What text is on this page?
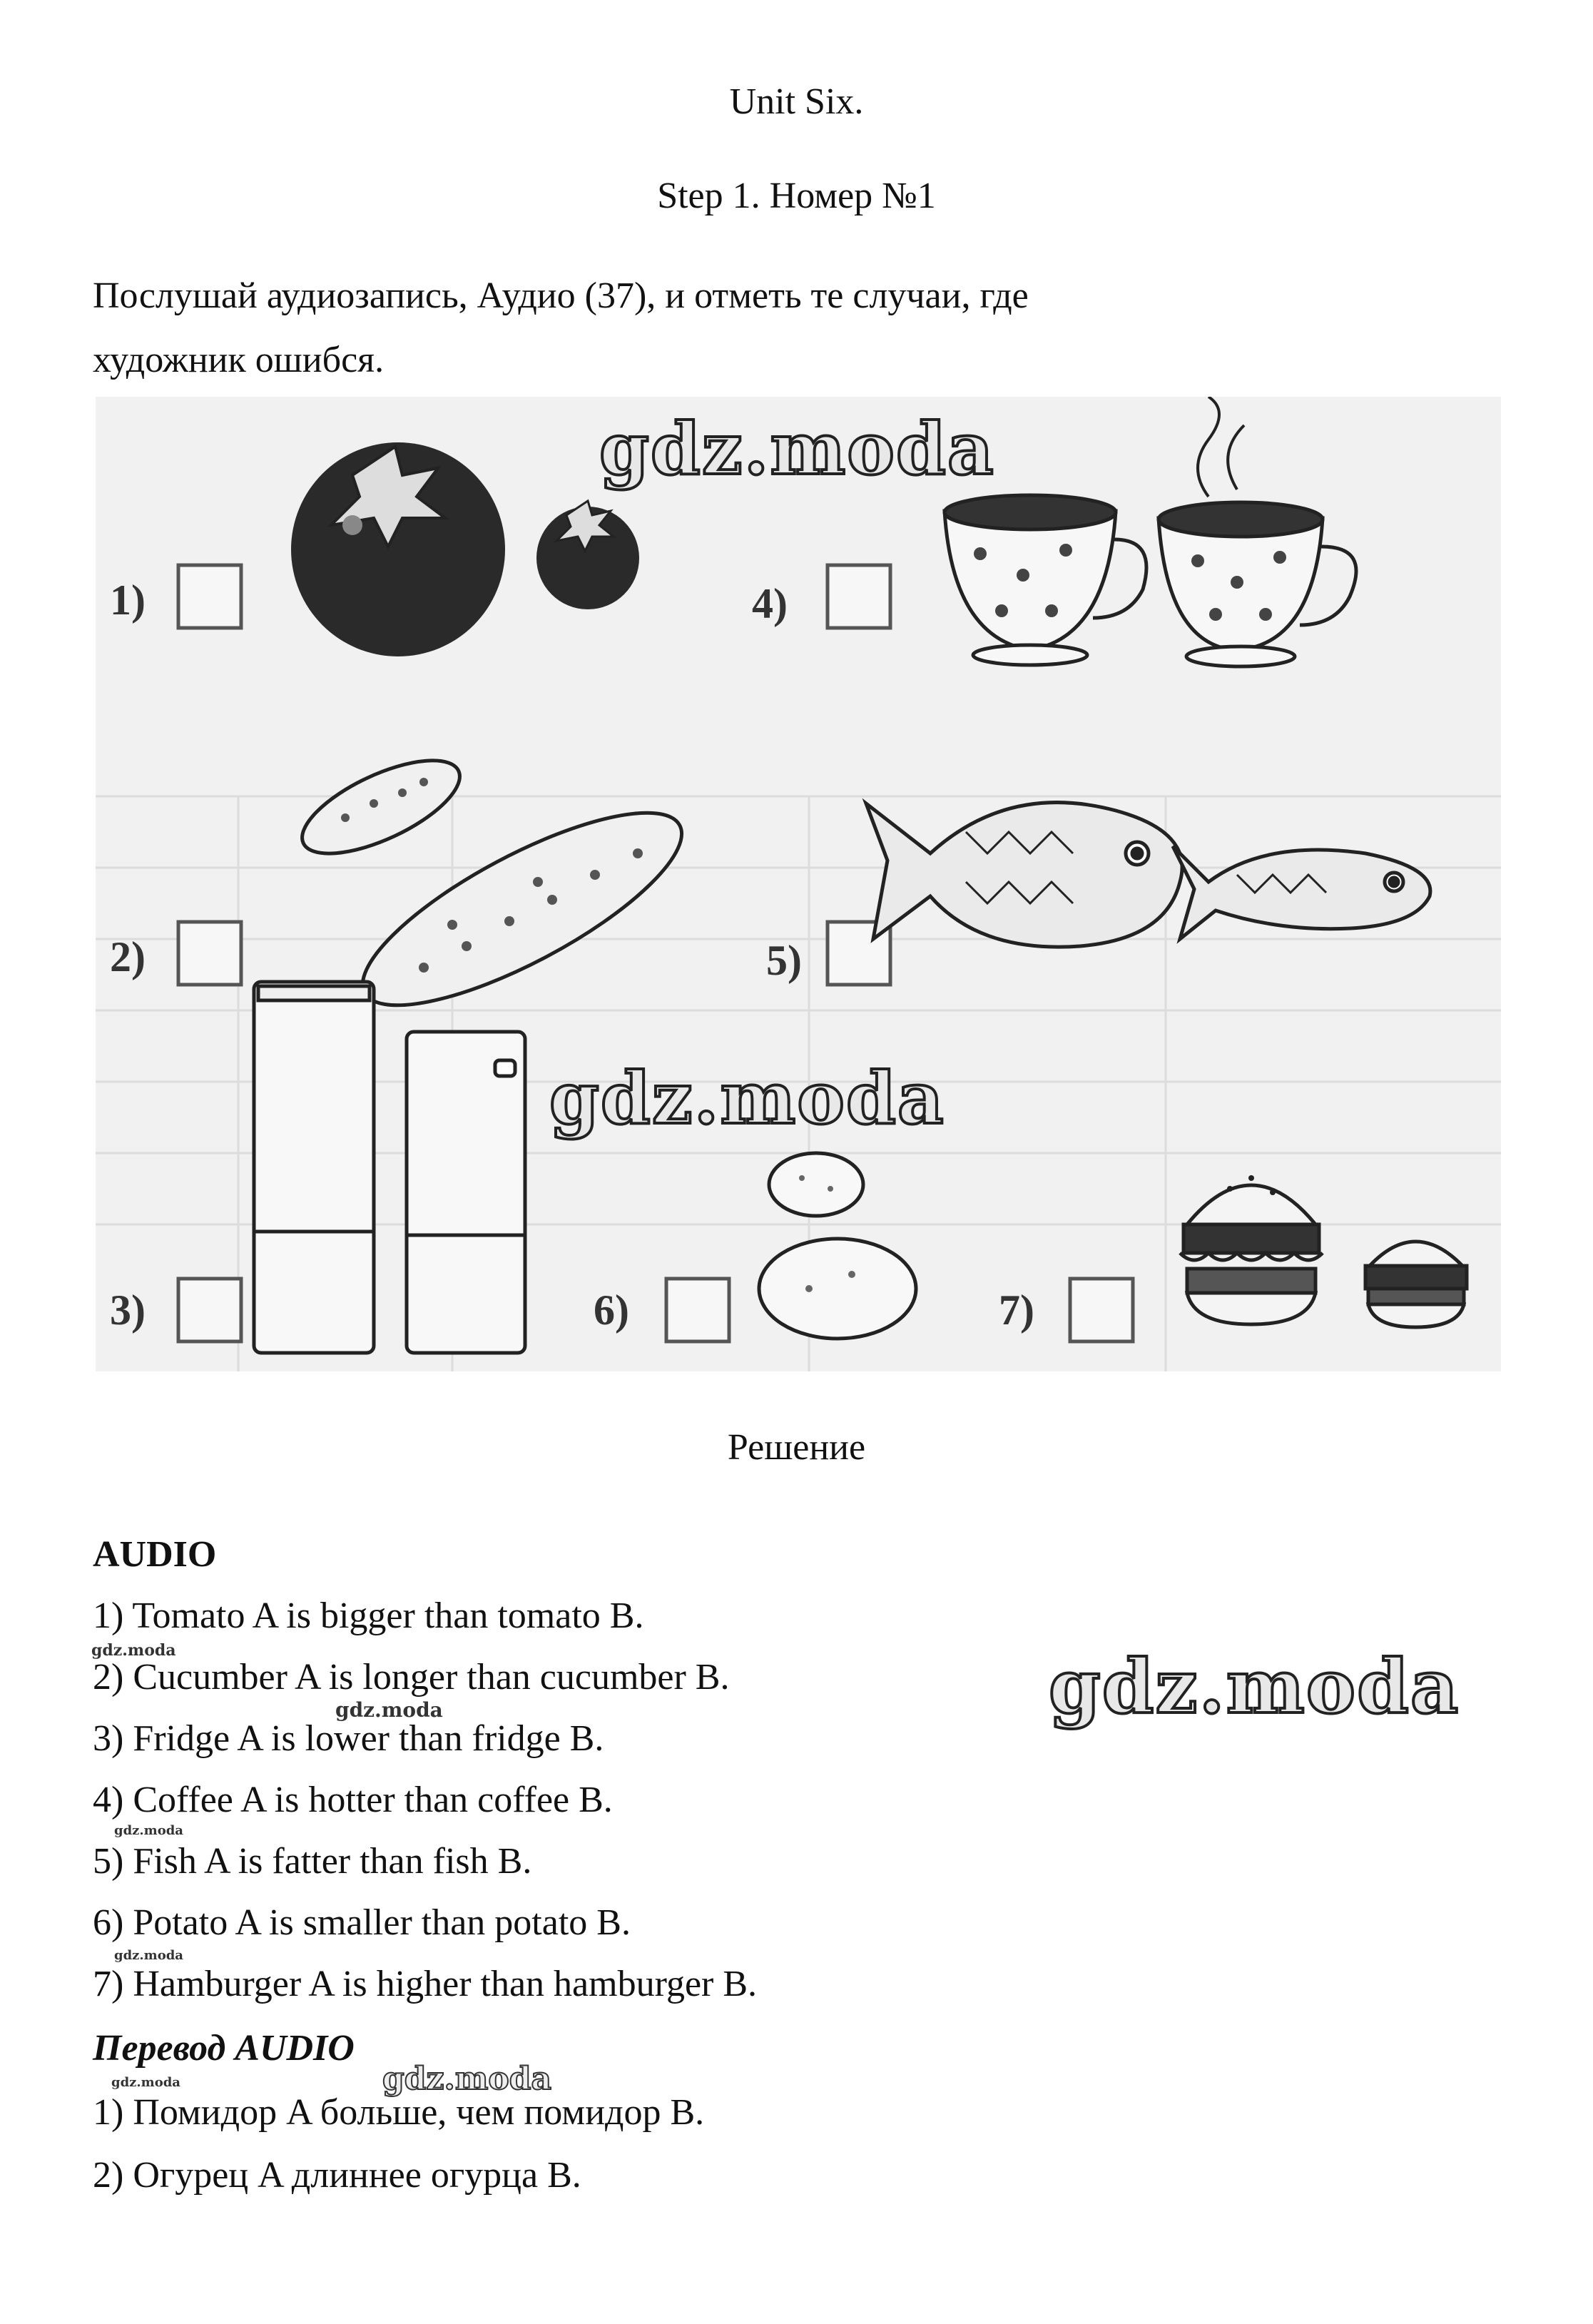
Unit Six.
Step 1. Номер №1
Послушай аудиозапись, Аудио (37), и отметь те случаи, где
художник ошибся.
1)
2)
3)
4)
5)
6)	7)
gdz.moda
gdz.moda
Решение
AUDIO
1) Tomato A is bigger than tomato B.
2) Cucumber A is longer than cucumber B.
3) Fridge A is lower than fridge B.
4) Coffee A is hotter than coffee B.
5) Fish A is fatter than fish B.
6) Potato A is smaller than potato B.
7) Hamburger A is higher than hamburger B.
Перевод AUDIO
1) Помидор A больше, чем помидор B.
2) Огурец A длиннее огурца B.
gdz.moda
gdz.moda
gdz.moda
gdz.moda
gdz.moda
gdz.moda	gdz.moda
